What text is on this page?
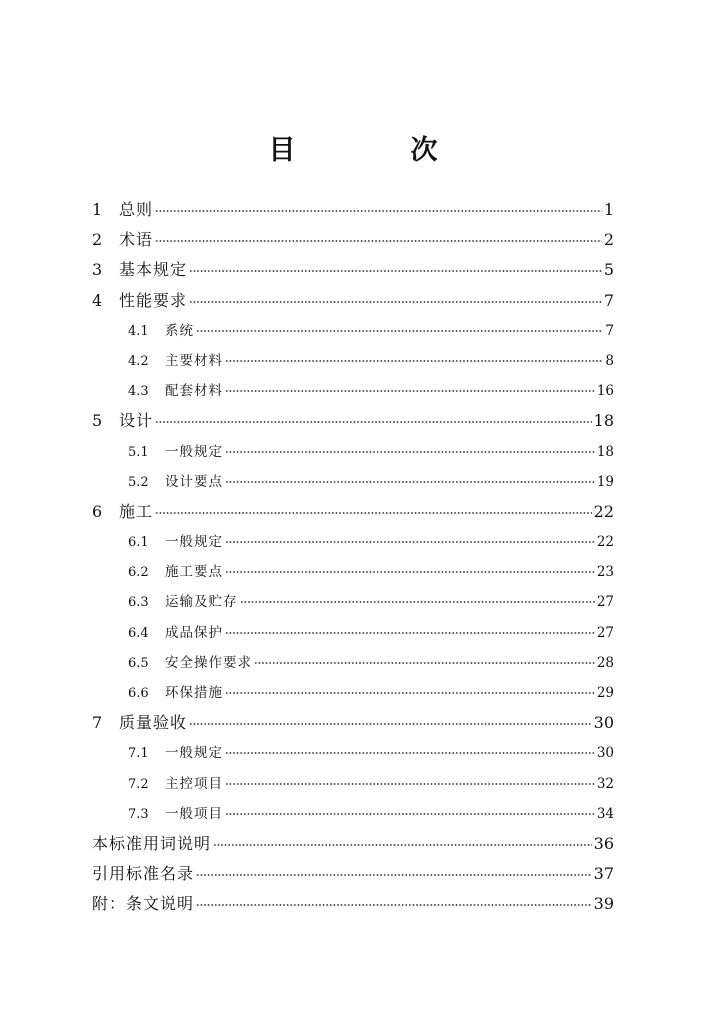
目　次
1	总则	1
2	术语	2
3	基本规定	5
4	性能要求	7
4.1	系统	7
4.2	主要材料	8
4.3	配套材料	16
5	设计	18
5.1	一般规定	18
5.2	设计要点	19
6	施工	22
6.1	一般规定	22
6.2	施工要点	23
6.3	运输及贮存	27
6.4	成品保护	27
6.5	安全操作要求	28
6.6	环保措施	29
7	质量验收	30
7.1	一般规定	30
7.2	主控项目	32
7.3	一般项目	34
本标准用词说明	36
引用标准名录	37
附：条文说明	39
